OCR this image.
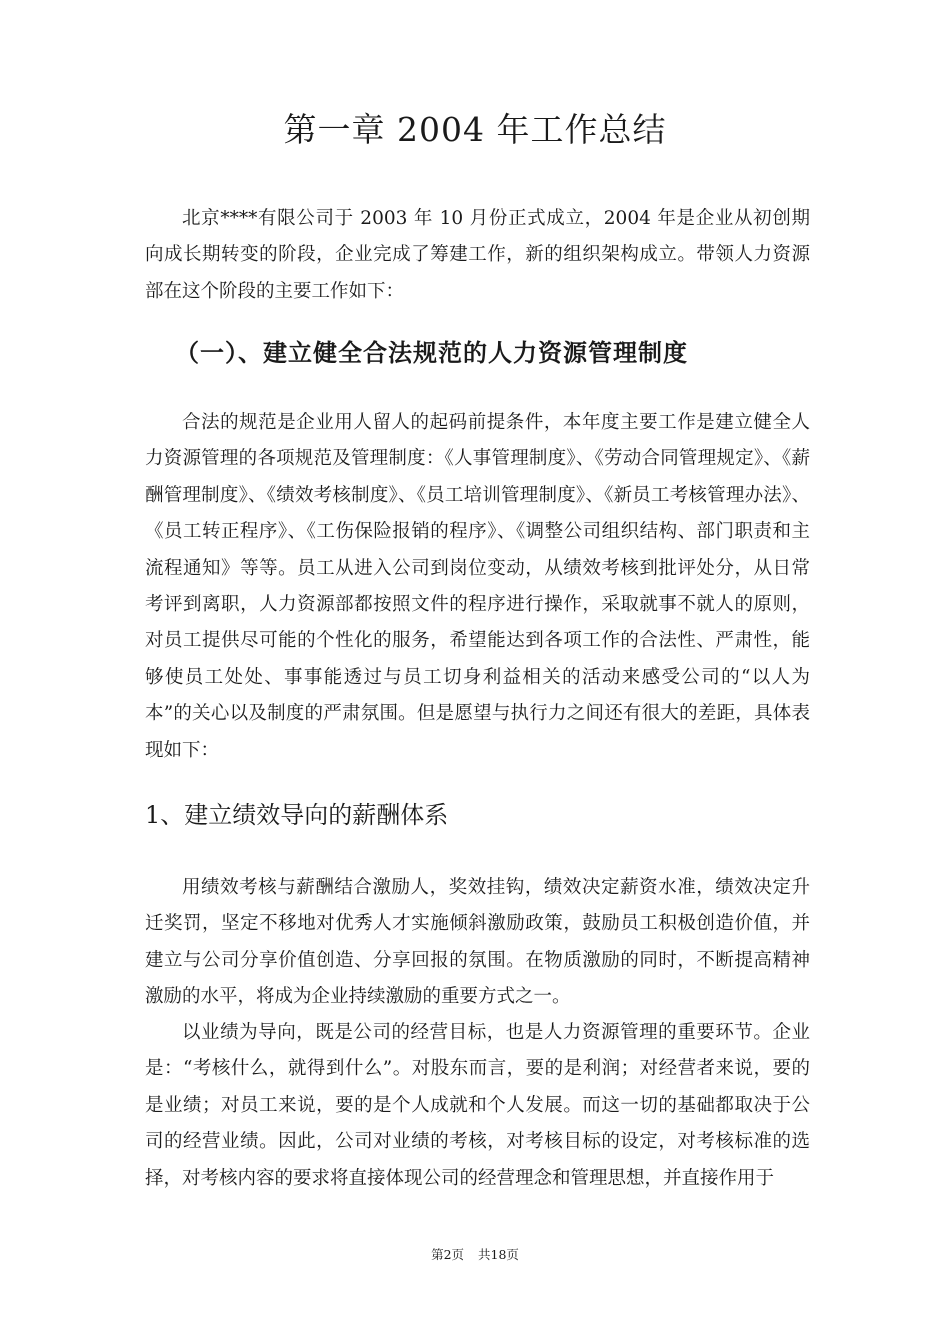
第一章 2004 年工作总结

北京****有限公司于 2003 年 10 月份正式成立，2004 年是企业从初创期向成长期转变的阶段，企业完成了筹建工作，新的组织架构成立。带领人力资源部在这个阶段的主要工作如下：

（一）、建立健全合法规范的人力资源管理制度

合法的规范是企业用人留人的起码前提条件，本年度主要工作是建立健全人力资源管理的各项规范及管理制度：《人事管理制度》、《劳动合同管理规定》、《薪酬管理制度》、《绩效考核制度》、《员工培训管理制度》、《新员工考核管理办法》、《员工转正程序》、《工伤保险报销的程序》、《调整公司组织结构、部门职责和主流程通知》等等。员工从进入公司到岗位变动，从绩效考核到批评处分，从日常考评到离职，人力资源部都按照文件的程序进行操作，采取就事不就人的原则，对员工提供尽可能的个性化的服务，希望能达到各项工作的合法性、严肃性，能够使员工处处、事事能透过与员工切身利益相关的活动来感受公司的“以人为本”的关心以及制度的严肃氛围。但是愿望与执行力之间还有很大的差距，具体表现如下：

1、建立绩效导向的薪酬体系

用绩效考核与薪酬结合激励人，奖效挂钩，绩效决定薪资水准，绩效决定升迁奖罚，坚定不移地对优秀人才实施倾斜激励政策，鼓励员工积极创造价值，并建立与公司分享价值创造、分享回报的氛围。在物质激励的同时，不断提高精神激励的水平，将成为企业持续激励的重要方式之一。

以业绩为导向，既是公司的经营目标，也是人力资源管理的重要环节。企业是：“考核什么，就得到什么”。对股东而言，要的是利润；对经营者来说，要的是业绩；对员工来说，要的是个人成就和个人发展。而这一切的基础都取决于公司的经营业绩。因此，公司对业绩的考核，对考核目标的设定，对考核标准的选择，对考核内容的要求将直接体现公司的经营理念和管理思想，并直接作用于

第2页 共18页
